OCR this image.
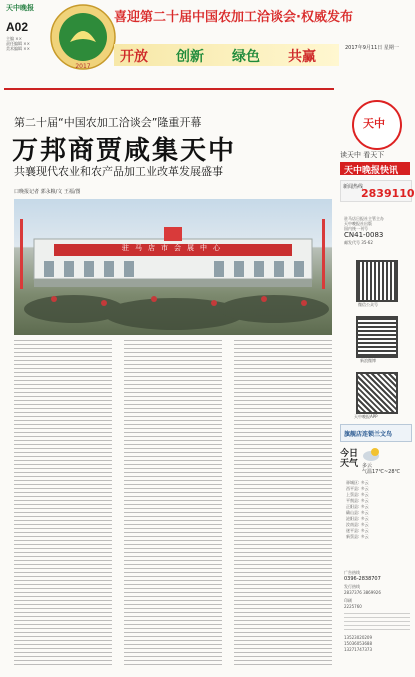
天中晚报
A02
主编 ××
责任编辑 ××
美术编辑 ××
2017
喜迎第二十届中国农加工洽谈会·权威发布
2017年9月11日 星期一
开放 创新 绿色 共赢
第二十届“中国农加工洽谈会”隆重开幕
万邦商贾咸集天中
共襄现代农业和农产品加工业改革发展盛事
口晚报记者 郭永粮/文 王福/图
驻马店市会展中心
天中
读天中 看天下
天中晚报快讯
新闻热线
2839110
驻马店日报社主管主办
天中晚报社出版
国内统一刊号
CN41-0083
邮发代号 35-62
微信公众号
新浪微博
天中晚报APP
旗舰店连锁兰文鸟
今日
天气 多云
气温17℃~28℃
驿城区: 多云
西平县: 多云
上蔡县: 多云
平舆县: 多云
正阳县: 多云
确山县: 多云
泌阳县: 多云
汝南县: 多云
遂平县: 多云
新蔡县: 多云
广告热线
0396-2838707
发行热线
2837376 3869926
印刷
2225760
13523020209
15036053688
13271747373
